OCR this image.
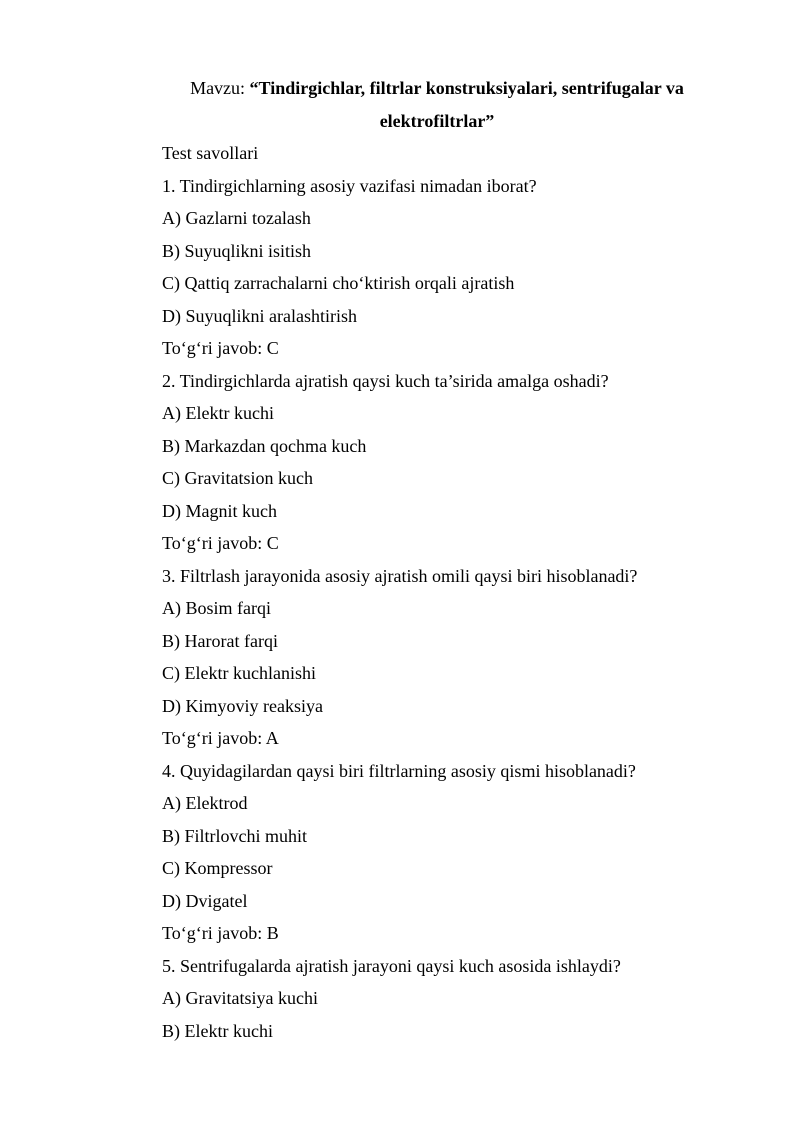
Mavzu: “Tindirgichlar, filtrlar konstruksiyalari, sentrifugalar va
elektrofiltrlar”
Test savollari
1. Tindirgichlarning asosiy vazifasi nimadan iborat?
A) Gazlarni tozalash
B) Suyuqlikni isitish
C) Qattiq zarrachalarni cho‘ktirish orqali ajratish
D) Suyuqlikni aralashtirish
To‘g‘ri javob: C
2. Tindirgichlarda ajratish qaysi kuch ta’sirida amalga oshadi?
A) Elektr kuchi
B) Markazdan qochma kuch
C) Gravitatsion kuch
D) Magnit kuch
To‘g‘ri javob: C
3. Filtrlash jarayonida asosiy ajratish omili qaysi biri hisoblanadi?
A) Bosim farqi
B) Harorat farqi
C) Elektr kuchlanishi
D) Kimyoviy reaksiya
To‘g‘ri javob: A
4. Quyidagilardan qaysi biri filtrlarning asosiy qismi hisoblanadi?
A) Elektrod
B) Filtrlovchi muhit
C) Kompressor
D) Dvigatel
To‘g‘ri javob: B
5. Sentrifugalarda ajratish jarayoni qaysi kuch asosida ishlaydi?
A) Gravitatsiya kuchi
B) Elektr kuchi
